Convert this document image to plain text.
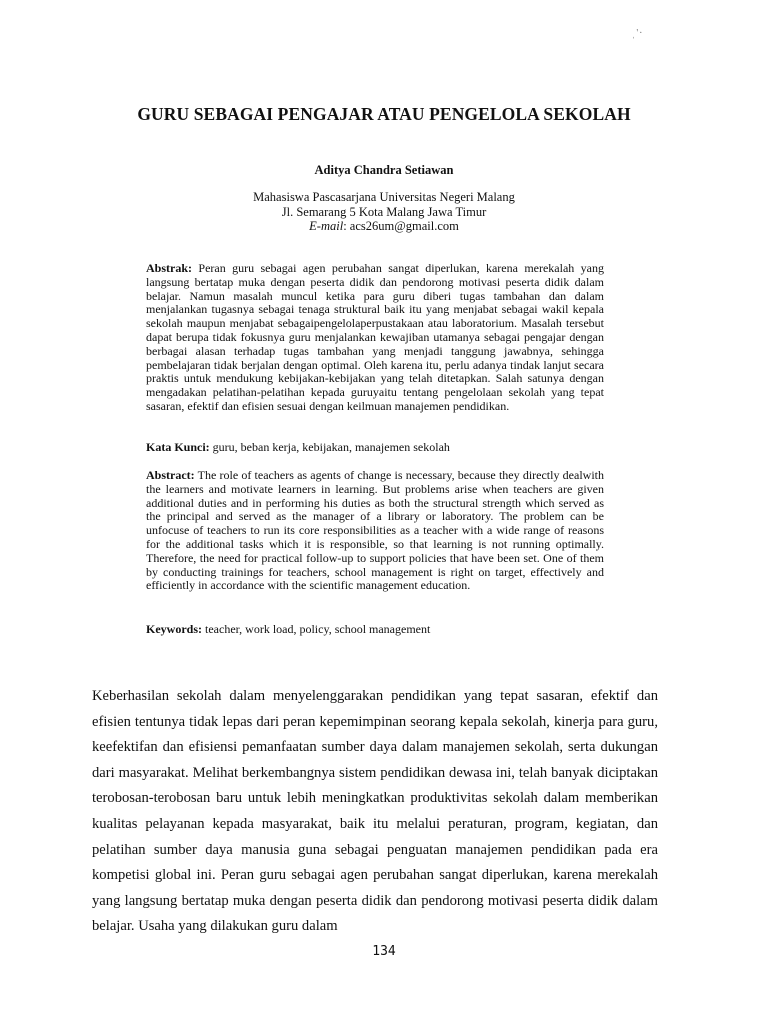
ˌ'·
GURU SEBAGAI PENGAJAR ATAU PENGELOLA SEKOLAH
Aditya Chandra Setiawan
Mahasiswa Pascasarjana Universitas Negeri Malang
Jl. Semarang 5 Kota Malang Jawa Timur
E-mail: acs26um@gmail.com

Abstrak: Peran guru sebagai agen perubahan sangat diperlukan, karena merekalah yang langsung bertatap muka dengan peserta didik dan pendorong motivasi peserta didik dalam belajar. Namun masalah muncul ketika para guru diberi tugas tambahan dan dalam menjalankan tugasnya sebagai tenaga struktural baik itu yang menjabat sebagai wakil kepala sekolah maupun menjabat sebagaipengelolaperpustakaan atau laboratorium. Masalah tersebut dapat berupa tidak fokusnya guru menjalankan kewajiban utamanya sebagai pengajar dengan berbagai alasan terhadap tugas tambahan yang menjadi tanggung jawabnya, sehingga pembelajaran tidak berjalan dengan optimal. Oleh karena itu, perlu adanya tindak lanjut secara praktis untuk mendukung kebijakan-kebijakan yang telah ditetapkan. Salah satunya dengan mengadakan pelatihan-pelatihan kepada guruyaitu tentang pengelolaan sekolah yang tepat sasaran, efektif dan efisien sesuai dengan keilmuan manajemen pendidikan.

Kata Kunci: guru, beban kerja, kebijakan, manajemen sekolah

Abstract: The role of teachers as agents of change is necessary, because they directly dealwith the learners and motivate learners in learning. But problems arise when teachers are given additional duties and in performing his duties as both the structural strength which served as the principal and served as the manager of a library or laboratory. The problem can be unfocuse of teachers to run its core responsibilities as a teacher with a wide range of reasons for the additional tasks which it is responsible, so that learning is not running optimally. Therefore, the need for practical follow-up to support policies that have been set. One of them by conducting trainings for teachers, school management is right on target, effectively and efficiently in accordance with the scientific management education.

Keywords: teacher, work load, policy, school management

Keberhasilan sekolah dalam menyelenggarakan pendidikan yang tepat sasaran, efektif dan efisien tentunya tidak lepas dari peran kepemimpinan seorang kepala sekolah, kinerja para guru, keefektifan dan efisiensi pemanfaatan sumber daya dalam manajemen sekolah, serta dukungan dari masyarakat. Melihat berkembangnya sistem pendidikan dewasa ini, telah banyak diciptakan terobosan-terobosan baru untuk lebih meningkatkan produktivitas sekolah dalam memberikan kualitas pelayanan kepada masyarakat, baik itu melalui peraturan, program, kegiatan, dan pelatihan sumber daya manusia guna sebagai penguatan manajemen pendidikan pada era kompetisi global ini. Peran guru sebagai agen perubahan sangat diperlukan, karena merekalah yang langsung bertatap muka dengan peserta didik dan pendorong motivasi peserta didik dalam belajar. Usaha yang dilakukan guru dalam

134
